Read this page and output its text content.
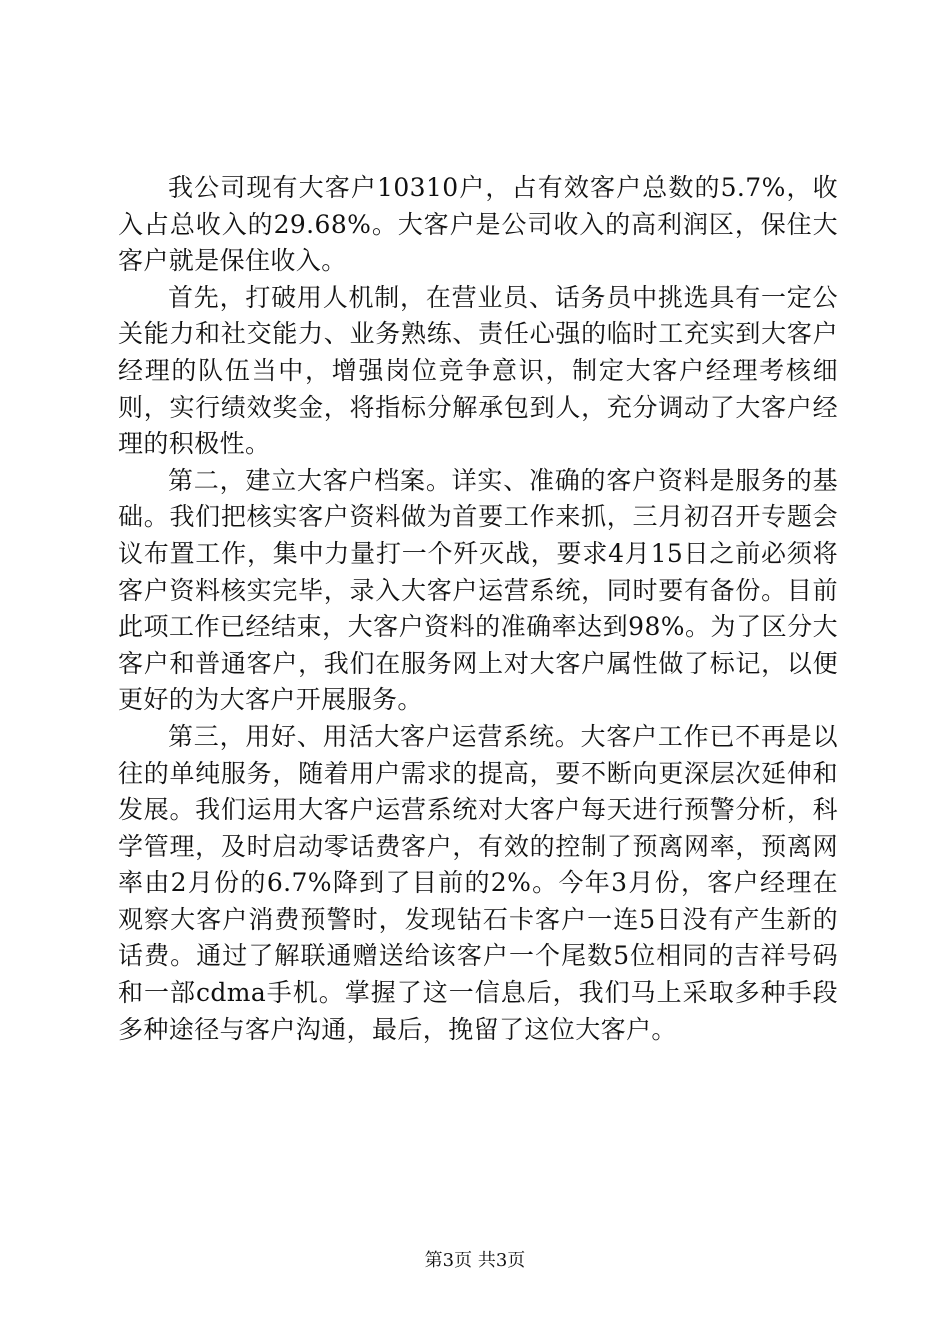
我公司现有大客户10310户，占有效客户总数的5.7%，收入占总收入的29.68%。大客户是公司收入的高利润区，保住大客户就是保住收入。

首先，打破用人机制，在营业员、话务员中挑选具有一定公关能力和社交能力、业务熟练、责任心强的临时工充实到大客户经理的队伍当中，增强岗位竞争意识，制定大客户经理考核细则，实行绩效奖金，将指标分解承包到人，充分调动了大客户经理的积极性。

第二，建立大客户档案。详实、准确的客户资料是服务的基础。我们把核实客户资料做为首要工作来抓，三月初召开专题会议布置工作，集中力量打一个歼灭战，要求4月15日之前必须将客户资料核实完毕，录入大客户运营系统，同时要有备份。目前此项工作已经结束，大客户资料的准确率达到98%。为了区分大客户和普通客户，我们在服务网上对大客户属性做了标记，以便更好的为大客户开展服务。

第三，用好、用活大客户运营系统。大客户工作已不再是以往的单纯服务，随着用户需求的提高，要不断向更深层次延伸和发展。我们运用大客户运营系统对大客户每天进行预警分析，科学管理，及时启动零话费客户，有效的控制了预离网率，预离网率由2月份的6.7%降到了目前的2%。今年3月份，客户经理在观察大客户消费预警时，发现钻石卡客户一连5日没有产生新的话费。通过了解联通赠送给该客户一个尾数5位相同的吉祥号码和一部cdma手机。掌握了这一信息后，我们马上采取多种手段多种途径与客户沟通，最后，挽留了这位大客户。

第3页 共3页
